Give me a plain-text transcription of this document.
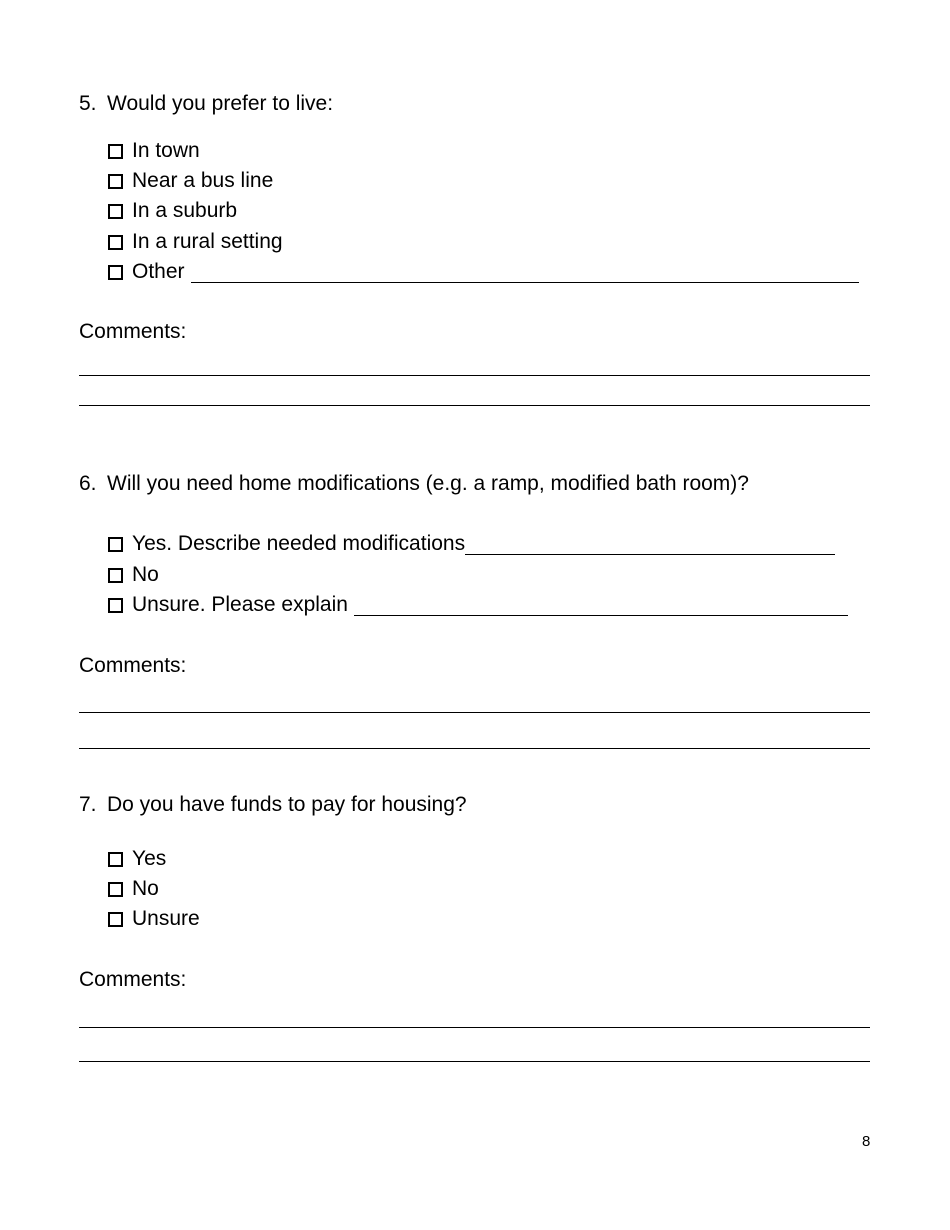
5. Would you prefer to live:
In town
Near a bus line
In a suburb
In a rural setting
Other
Comments:
6. Will you need home modifications (e.g. a ramp, modified bath room)?
Yes. Describe needed modifications
No
Unsure. Please explain
Comments:
7. Do you have funds to pay for housing?
Yes
No
Unsure
Comments:
8
